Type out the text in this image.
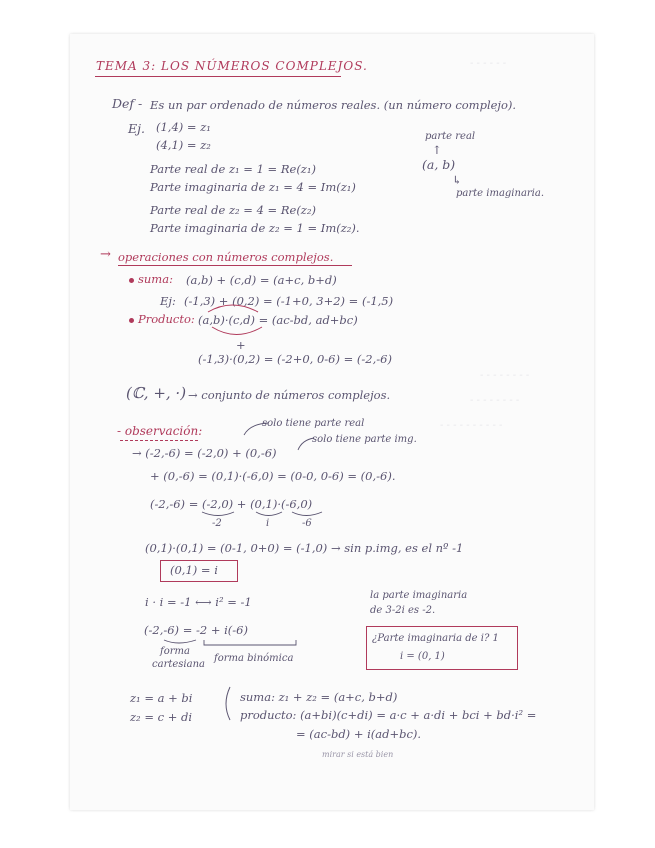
- - - - - -
- - - - - - - -
- - - - - - - -
- - - - - - - - - -
TEMA 3: LOS NÚMEROS COMPLEJOS.
Def - Es un par ordenado de números reales. (un número complejo).
Ej. (1,4) = z₁
(4,1) = z₂
Parte real de z₁ = 1 = Re(z₁)
Parte imaginaria de z₁ = 4 = Im(z₁)
Parte real de z₂ = 4 = Re(z₂)
Parte imaginaria de z₂ = 1 = Im(z₂).
parte real
↑
(a, b)
↳
parte imaginaria.
→ operaciones con números complejos.
suma: (a,b) + (c,d) = (a+c, b+d)
Ej: (-1,3) + (0,2) = (-1+0, 3+2) = (-1,5)
Producto: (a,b)·(c,d) = (ac-bd, ad+bc)
+
(-1,3)·(0,2) = (-2+0, 0-6) = (-2,-6)
(ℂ, +, ·) → conjunto de números complejos.
- observación:
solo tiene parte real
solo tiene parte img.
→ (-2,-6) = (-2,0) + (0,-6)
+ (0,-6) = (0,1)·(-6,0) = (0-0, 0-6) = (0,-6).
(-2,-6) = (-2,0) + (0,1)·(-6,0)
-2	i	-6
(0,1)·(0,1) = (0-1, 0+0) = (-1,0) → sin p.img, es el nº -1
(0,1) = i
i · i = -1 ⟷ i² = -1	la parte imaginaria
de 3-2i es -2.
(-2,-6) = -2 + i(-6)
forma
cartesiana
forma binómica
¿Parte imaginaria de i? 1
i = (0, 1)
z₁ = a + bi
z₂ = c + di
suma: z₁ + z₂ = (a+c, b+d)
producto: (a+bi)(c+di) = a·c + a·di + bci + bd·i² =
= (ac-bd) + i(ad+bc).
mirar si está bien
